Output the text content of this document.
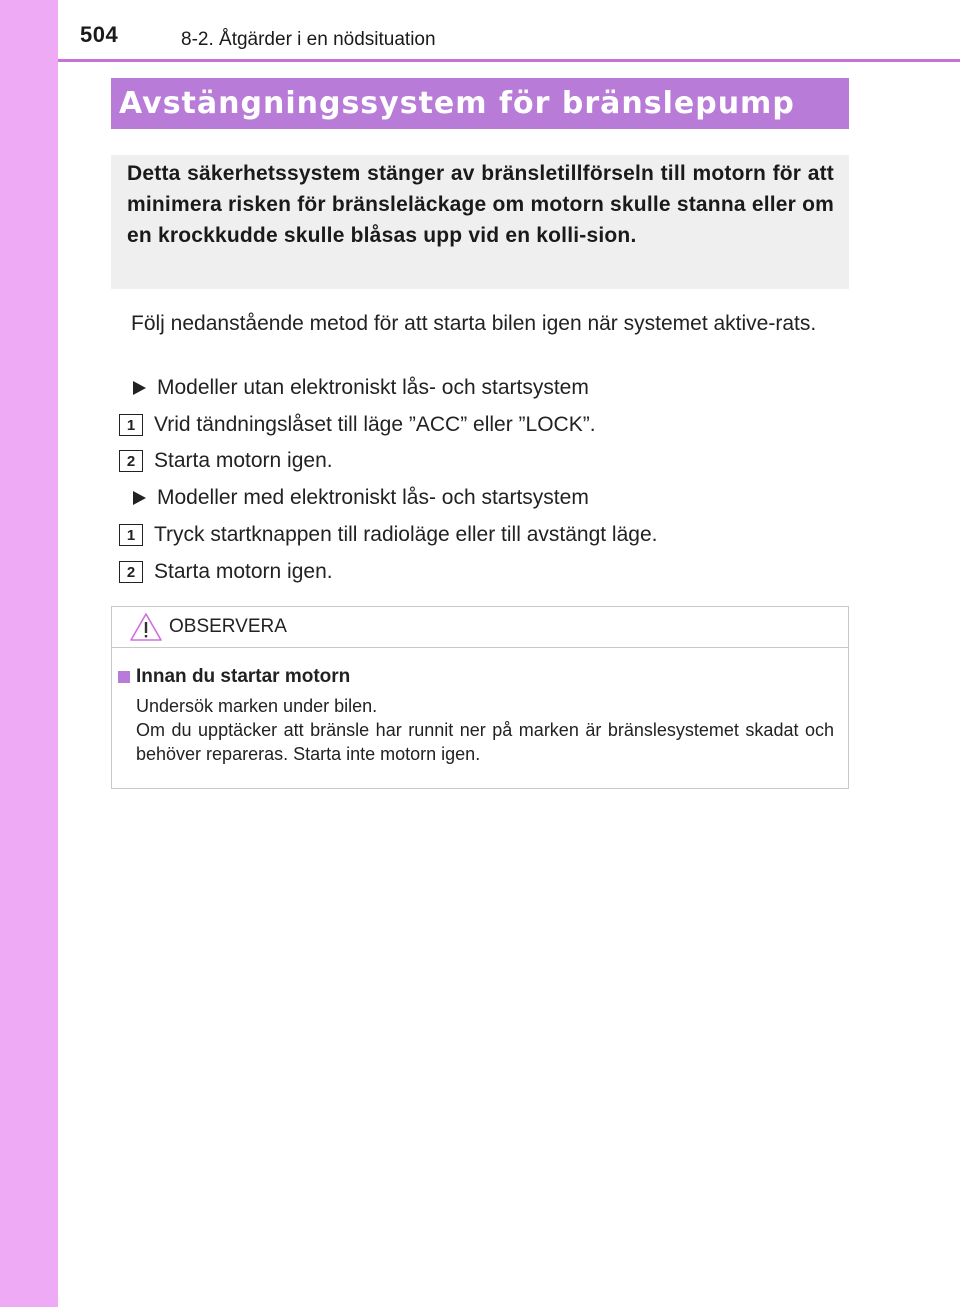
504	8-2. Åtgärder i en nödsituation
Avstängningssystem för bränslepump

Detta säkerhetssystem stänger av bränsletillförseln till motorn för att minimera risken för bränsleläckage om motorn skulle stanna eller om en krockkudde skulle blåsas upp vid en kolli-sion.

Följ nedanstående metod för att starta bilen igen när systemet aktive-rats.

Modeller utan elektroniskt lås- och startsystem
1 Vrid tändningslåset till läge ”ACC” eller ”LOCK”.
2 Starta motorn igen.
Modeller med elektroniskt lås- och startsystem
1 Tryck startknappen till radioläge eller till avstängt läge.
2 Starta motorn igen.
OBSERVERA
Innan du startar motorn

Undersök marken under bilen.
Om du upptäcker att bränsle har runnit ner på marken är bränslesystemet skadat och behöver repareras. Starta inte motorn igen.
